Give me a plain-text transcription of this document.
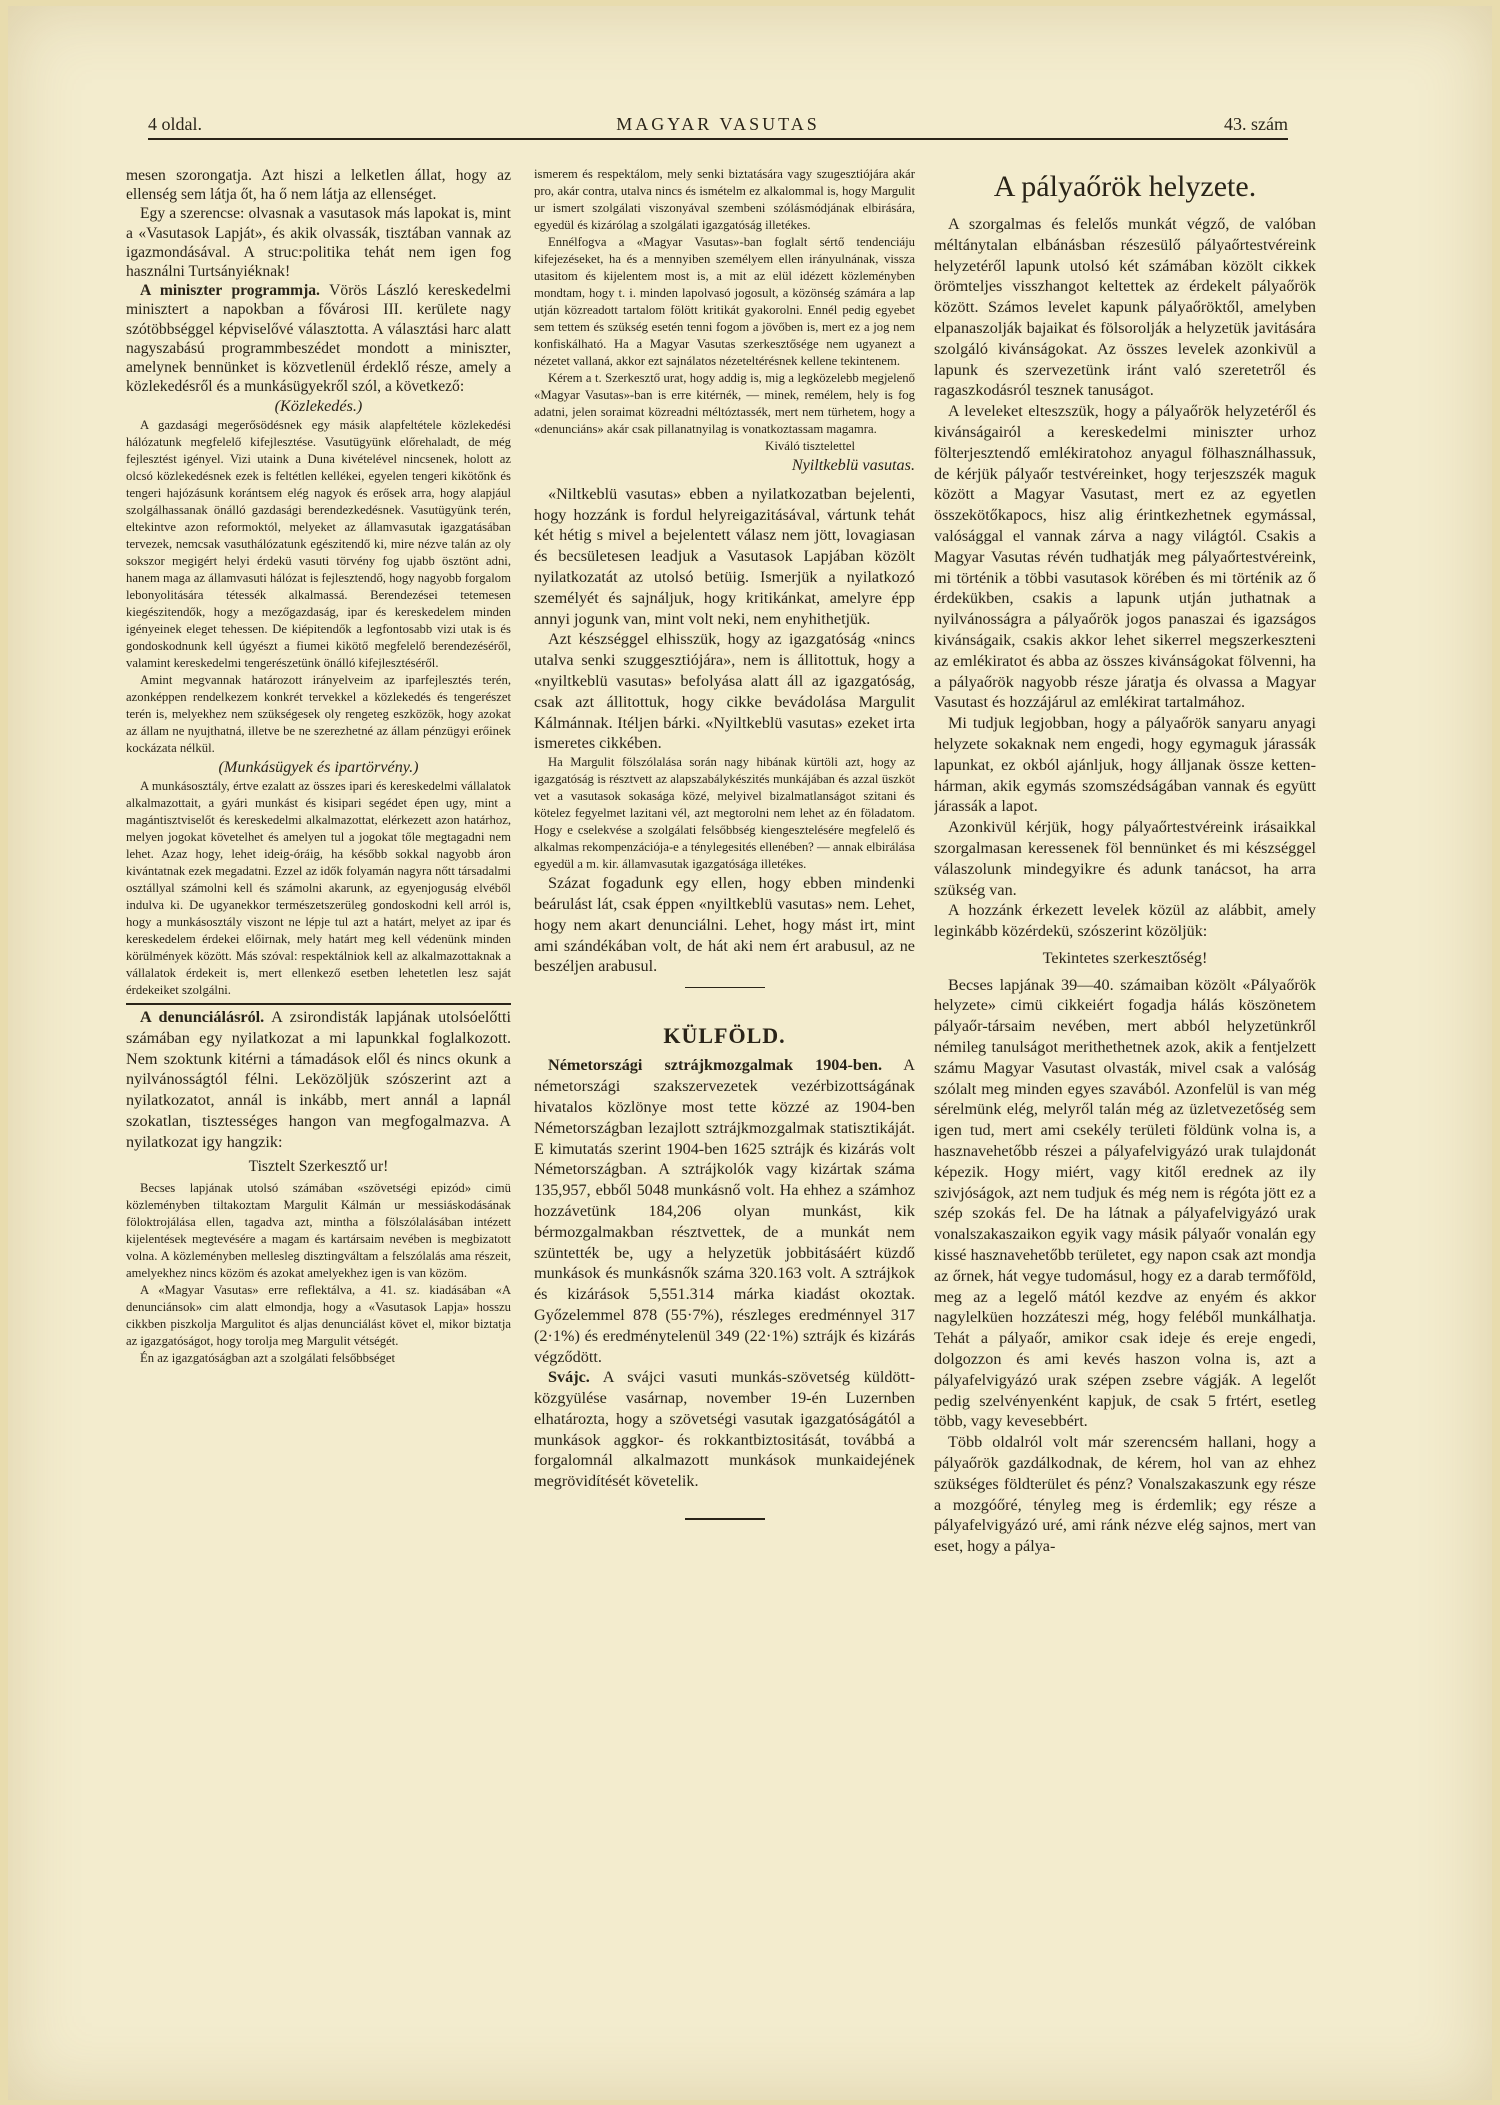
4 oldal.	MAGYAR VASUTAS	43. szám

mesen szorongatja. Azt hiszi a lelketlen állat, hogy az ellenség sem látja őt, ha ő nem látja az ellenséget.

Egy a szerencse: olvasnak a vasutasok más lapokat is, mint a «Vasutasok Lapját», és akik olvassák, tisztában vannak az igazmondásával. A struc:politika tehát nem igen fog használni Turtsányiéknak!

A miniszter programmja. Vörös László kereskedelmi minisztert a napokban a fővárosi III. kerülete nagy szótöbbséggel képviselővé választotta. A választási harc alatt nagyszabású programmbeszédet mondott a miniszter, amelynek bennünket is közvetlenül érdeklő része, amely a közlekedésről és a munkásügyekről szól, a következő:

(Közlekedés.)

A gazdasági megerősödésnek egy másik alapfeltétele közlekedési hálózatunk megfelelő kifejlesztése. Vasutügyünk előrehaladt, de még fejlesztést igényel. Vizi utaink a Duna kivételével nincsenek, holott az olcsó közlekedésnek ezek is feltétlen kellékei, egyelen tengeri kikötőnk és tengeri hajózásunk korántsem elég nagyok és erősek arra, hogy alapjául szolgálhassanak önálló gazdasági berendezkedésnek. Vasutügyünk terén, eltekintve azon reformoktól, melyeket az államvasutak igazgatásában tervezek, nemcsak vasuthálózatunk egészitendő ki, mire nézve talán az oly sokszor megigért helyi érdekü vasuti törvény fog ujabb ösztönt adni, hanem maga az államvasuti hálózat is fejlesztendő, hogy nagyobb forgalom lebonyolitására tétessék alkalmassá. Berendezései tetemesen kiegészitendők, hogy a mezőgazdaság, ipar és kereskedelem minden igényeinek eleget tehessen. De kiépitendők a legfontosabb vizi utak is és gondoskodnunk kell úgyészt a fiumei kikötő megfelelő berendezéséről, valamint kereskedelmi tengerészetünk önálló kifejlesztéséről.

Amint megvannak határozott irányelveim az iparfejlesztés terén, azonképpen rendelkezem konkrét tervekkel a közlekedés és tengerészet terén is, melyekhez nem szükségesek oly rengeteg eszközök, hogy azokat az állam ne nyujthatná, illetve be ne szerezhetné az állam pénzügyi erőinek kockázata nélkül.

(Munkásügyek és ipartörvény.)

A munkásosztály, értve ezalatt az összes ipari és kereskedelmi vállalatok alkalmazottait, a gyári munkást és kisipari segédet épen ugy, mint a magántisztviselőt és kereskedelmi alkalmazottat, elérkezett azon határhoz, melyen jogokat követelhet és amelyen tul a jogokat tőle megtagadni nem lehet. Azaz hogy, lehet ideig-óráig, ha később sokkal nagyobb áron kivántatnak ezek megadatni. Ezzel az idők folyamán nagyra nőtt társadalmi osztállyal számolni kell és számolni akarunk, az egyenjoguság elvéből indulva ki. De ugyanekkor természetszerüleg gondoskodni kell arról is, hogy a munkásosztály viszont ne lépje tul azt a határt, melyet az ipar és kereskedelem érdekei előirnak, mely határt meg kell védenünk minden körülmények között. Más szóval: respektálniok kell az alkalmazottaknak a vállalatok érdekeit is, mert ellenkező esetben lehetetlen lesz saját érdekeiket szolgálni.

A denunciálásról. A zsirondisták lapjának utolsóelőtti számában egy nyilatkozat a mi lapunkkal foglalkozott. Nem szoktunk kitérni a támadások elől és nincs okunk a nyilvánosságtól félni. Leközöljük szószerint azt a nyilatkozatot, annál is inkább, mert annál a lapnál szokatlan, tisztességes hangon van megfogalmazva. A nyilatkozat igy hangzik:

Tisztelt Szerkesztő ur!

Becses lapjának utolsó számában «szövetségi epizód» cimü közleményben tiltakoztam Margulit Kálmán ur messiáskodásának föloktrojálása ellen, tagadva azt, mintha a fölszólalásában intézett kijelentések megtevésére a magam és kartársaim nevében is megbizatott volna. A közleményben mellesleg disztingváltam a felszólalás ama részeit, amelyekhez nincs közöm és azokat amelyekhez igen is van közöm.

A «Magyar Vasutas» erre reflektálva, a 41. sz. kiadásában «A denunciánsok» cim alatt elmondja, hogy a «Vasutasok Lapja» hosszu cikkben piszkolja Margulitot és aljas denunciálást követ el, mikor biztatja az igazgatóságot, hogy torolja meg Margulit vétségét.

Én az igazgatóságban azt a szolgálati felsőbbséget

ismerem és respektálom, mely senki biztatására vagy szugesztiójára akár pro, akár contra, utalva nincs és ismételm ez alkalommal is, hogy Margulit ur ismert szolgálati viszonyával szembeni szólásmódjának elbirására, egyedül és kizárólag a szolgálati igazgatóság illetékes.

Ennélfogva a «Magyar Vasutas»-ban foglalt sértő tendenciáju kifejezéseket, ha és a mennyiben személyem ellen irányulnának, vissza utasitom és kijelentem most is, a mit az elül idézett közleményben mondtam, hogy t. i. minden lapolvasó jogosult, a közönség számára a lap utján közreadott tartalom fölött kritikát gyakorolni. Ennél pedig egyebet sem tettem és szükség esetén tenni fogom a jövőben is, mert ez a jog nem konfiskálható. Ha a Magyar Vasutas szerkesztősége nem ugyanezt a nézetet vallaná, akkor ezt sajnálatos nézeteltérésnek kellene tekintenem.

Kérem a t. Szerkesztő urat, hogy addig is, mig a legközelebb megjelenő «Magyar Vasutas»-ban is erre kitérnék, — minek, remélem, hely is fog adatni, jelen soraimat közreadni méltóztassék, mert nem türhetem, hogy a «denunciáns» akár csak pillanatnyilag is vonatkoztassam magamra.

Kiváló tisztelettel

Nyiltkeblü vasutas.

«Niltkeblü vasutas» ebben a nyilatkozatban bejelenti, hogy hozzánk is fordul helyreigazitásával, vártunk tehát két hétig s mivel a bejelentett válasz nem jött, lovagiasan és becsületesen leadjuk a Vasutasok Lapjában közölt nyilatkozatát az utolsó betüig. Ismerjük a nyilatkozó személyét és sajnáljuk, hogy kritikánkat, amelyre épp annyi jogunk van, mint volt neki, nem enyhithetjük.

Azt készséggel elhisszük, hogy az igazgatóság «nincs utalva senki szuggesztiójára», nem is állitottuk, hogy a «nyiltkeblü vasutas» befolyása alatt áll az igazgatóság, csak azt állitottuk, hogy cikke bevádolása Margulit Kálmánnak. Itéljen bárki. «Nyiltkeblü vasutas» ezeket irta ismeretes cikkében.

Ha Margulit fölszólalása során nagy hibának kürtöli azt, hogy az igazgatóság is résztvett az alapszabálykészités munkájában és azzal üszköt vet a vasutasok sokasága közé, melyivel bizalmatlanságot szitani és kötelez fegyelmet lazitani vél, azt megtorolni nem lehet az én föladatom. Hogy e cselekvése a szolgálati felsőbbség kiengesztelésére megfelelő és alkalmas rekompenzációja-e a ténylegesités ellenében? — annak elbirálása egyedül a m. kir. államvasutak igazgatósága illetékes.

Százat fogadunk egy ellen, hogy ebben mindenki beárulást lát, csak éppen «nyiltkeblü vasutas» nem. Lehet, hogy nem akart denunciálni. Lehet, hogy mást irt, mint ami szándékában volt, de hát aki nem ért arabusul, az ne beszéljen arabusul.

KÜLFÖLD.

Németországi sztrájkmozgalmak 1904-ben. A németországi szakszervezetek vezérbizottságának hivatalos közlönye most tette közzé az 1904-ben Németországban lezajlott sztrájkmozgalmak statisztikáját. E kimutatás szerint 1904-ben 1625 sztrájk és kizárás volt Németországban. A sztrájkolók vagy kizártak száma 135,957, ebből 5048 munkásnő volt. Ha ehhez a számhoz hozzávetünk 184,206 olyan munkást, kik bérmozgalmakban résztvettek, de a munkát nem szüntették be, ugy a helyzetük jobbitásáért küzdő munkások és munkásnők száma 320.163 volt. A sztrájkok és kizárások 5,551.314 márka kiadást okoztak. Győzelemmel 878 (55·7%), részleges eredménnyel 317 (2·1%) és eredménytelenül 349 (22·1%) sztrájk és kizárás végződött.

Svájc. A svájci vasuti munkás-szövetség küldött-közgyülése vasárnap, november 19-én Luzernben elhatározta, hogy a szövetségi vasutak igazgatóságától a munkások aggkor- és rokkantbiztositását, továbbá a forgalomnál alkalmazott munkások munkaidejének megrövidítését követelik.

A pályaőrök helyzete.

A szorgalmas és felelős munkát végző, de valóban méltánytalan elbánásban részesülő pályaőrtestvéreink helyzetéről lapunk utolsó két számában közölt cikkek örömteljes visszhangot keltettek az érdekelt pályaőrök között. Számos levelet kapunk pályaőröktől, amelyben elpanaszolják bajaikat és fölsorolják a helyzetük javitására szolgáló kivánságokat. Az összes levelek azonkivül a lapunk és szervezetünk iránt való szeretetről és ragaszkodásról tesznek tanuságot.

A leveleket elteszszük, hogy a pályaőrök helyzetéről és kivánságairól a kereskedelmi miniszter urhoz fölterjesztendő emlékiratohoz anyagul fölhasználhassuk, de kérjük pályaőr testvéreinket, hogy terjeszszék maguk között a Magyar Vasutast, mert ez az egyetlen összekötőkapocs, hisz alig érintkezhetnek egymással, valósággal el vannak zárva a nagy világtól. Csakis a Magyar Vasutas révén tudhatják meg pályaőrtestvéreink, mi történik a többi vasutasok körében és mi történik az ő érdekükben, csakis a lapunk utján juthatnak a nyilvánosságra a pályaőrök jogos panaszai és igazságos kivánságaik, csakis akkor lehet sikerrel megszerkeszteni az emlékiratot és abba az összes kivánságokat fölvenni, ha a pályaőrök nagyobb része járatja és olvassa a Magyar Vasutast és hozzájárul az emlékirat tartalmához.

Mi tudjuk legjobban, hogy a pályaőrök sanyaru anyagi helyzete sokaknak nem engedi, hogy egymaguk járassák lapunkat, ez okból ajánljuk, hogy álljanak össze ketten-hárman, akik egymás szomszédságában vannak és együtt járassák a lapot.

Azonkivül kérjük, hogy pályaőrtestvéreink irásaikkal szorgalmasan keressenek föl bennünket és mi készséggel válaszolunk mindegyikre és adunk tanácsot, ha arra szükség van.

A hozzánk érkezett levelek közül az alábbit, amely leginkább közérdekü, szószerint közöljük:

Tekintetes szerkesztőség!

Becses lapjának 39—40. számaiban közölt «Pályaőrök helyzete» cimü cikkeiért fogadja hálás köszönetem pályaőr-társaim nevében, mert abból helyzetünkről némileg tanulságot merithethetnek azok, akik a fentjelzett számu Magyar Vasutast olvasták, mivel csak a valóság szólalt meg minden egyes szavából. Azonfelül is van még sérelmünk elég, melyről talán még az üzletvezetőség sem igen tud, mert ami csekély területi földünk volna is, a hasznavehetőbb részei a pályafelvigyázó urak tulajdonát képezik. Hogy miért, vagy kitől erednek az ily szivjóságok, azt nem tudjuk és még nem is régóta jött ez a szép szokás fel. De ha látnak a pályafelvigyázó urak vonalszakaszaikon egyik vagy másik pályaőr vonalán egy kissé hasznavehetőbb területet, egy napon csak azt mondja az őrnek, hát vegye tudomásul, hogy ez a darab termőföld, meg az a legelő mától kezdve az enyém és akkor nagylelküen hozzáteszi még, hogy feléből munkálhatja. Tehát a pályaőr, amikor csak ideje és ereje engedi, dolgozzon és ami kevés haszon volna is, azt a pályafelvigyázó urak szépen zsebre vágják. A legelőt pedig szelvényenként kapjuk, de csak 5 frtért, esetleg több, vagy kevesebbért.

Több oldalról volt már szerencsém hallani, hogy a pályaőrök gazdálkodnak, de kérem, hol van az ehhez szükséges földterület és pénz? Vonalszakaszunk egy része a mozgóőré, tényleg meg is érdemlik; egy része a pályafelvigyázó uré, ami ránk nézve elég sajnos, mert van eset, hogy a pálya-
